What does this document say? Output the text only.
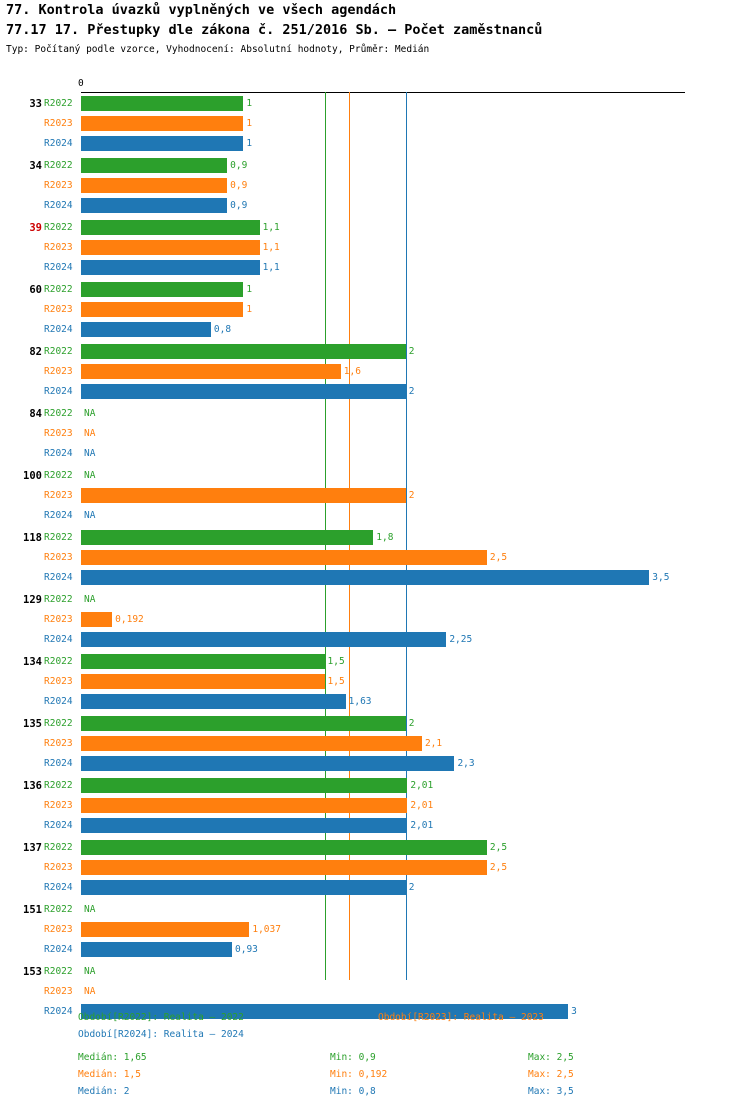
77. Kontrola úvazků vyplněných ve všech agendách
77.17 17. Přestupky dle zákona č. 251/2016 Sb. – Počet zaměstnanců
Typ: Počítaný podle vzorce, Vyhodnocení: Absolutní hodnoty, Průměr: Medián
0
33 R2022	1
R2023	1
R2024	1
34 R2022	0,9
R2023	0,9
R2024	0,9
39 R2022	1,1
R2023	1,1
R2024	1,1
60 R2022	1
R2023	1
R2024	0,8
82 R2022	2
R2023	1,6
R2024	2
84 R2022 NA
R2023 NA
R2024 NA
100 R2022 NA
R2023	2
R2024 NA
118 R2022	1,8
R2023	2,5
R2024	3,5
129 R2022 NA
R2023	0,192
R2024	2,25
134 R2022	1,5
R2023	1,5
R2024	1,63
135 R2022	2
R2023	2,1
R2024	2,3
136 R2022	2,01
R2023	2,01
R2024	2,01
137 R2022	2,5
R2023	2,5
R2024	2
151 R2022 NA
R2023	1,037
R2024	0,93
153 R2022 NA
R2023 NA
R2024	3
Období[R2022]: Realita – 2022	Období[R2023]: Realita – 2023
Období[R2024]: Realita – 2024
Medián: 1,65	Min: 0,9	Max: 2,5
Medián: 1,5	Min: 0,192	Max: 2,5
Medián: 2	Min: 0,8	Max: 3,5
